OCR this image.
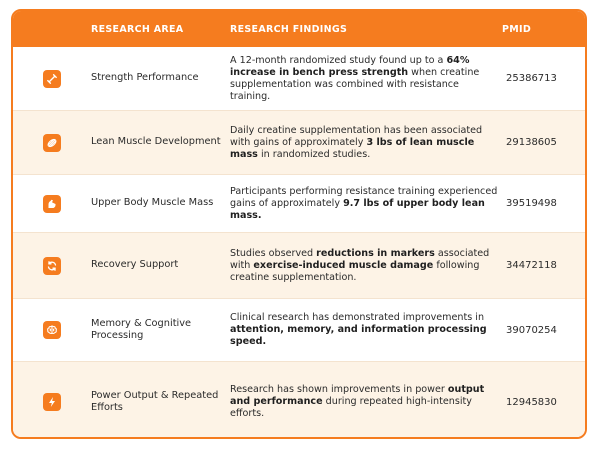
RESEARCH AREA	RESEARCH FINDINGS	PMID
Strength Performance
A 12-month randomized study found up to a 64% increase in bench press strength when creatine supplementation was combined with resistance training.
25386713
Lean Muscle Development
Daily creatine supplementation has been associated with gains of approximately 3 lbs of lean muscle mass in randomized studies.
29138605
Upper Body Muscle Mass
Participants performing resistance training experienced gains of approximately 9.7 lbs of upper body lean mass.
39519498
Recovery Support
Studies observed reductions in markers associated with exercise-induced muscle damage following creatine supplementation.
34472118
Memory & Cognitive Processing
Clinical research has demonstrated improvements in attention, memory, and information processing speed.
39070254
Power Output & Repeated Efforts
Research has shown improvements in power output and performance during repeated high-intensity efforts.
12945830
